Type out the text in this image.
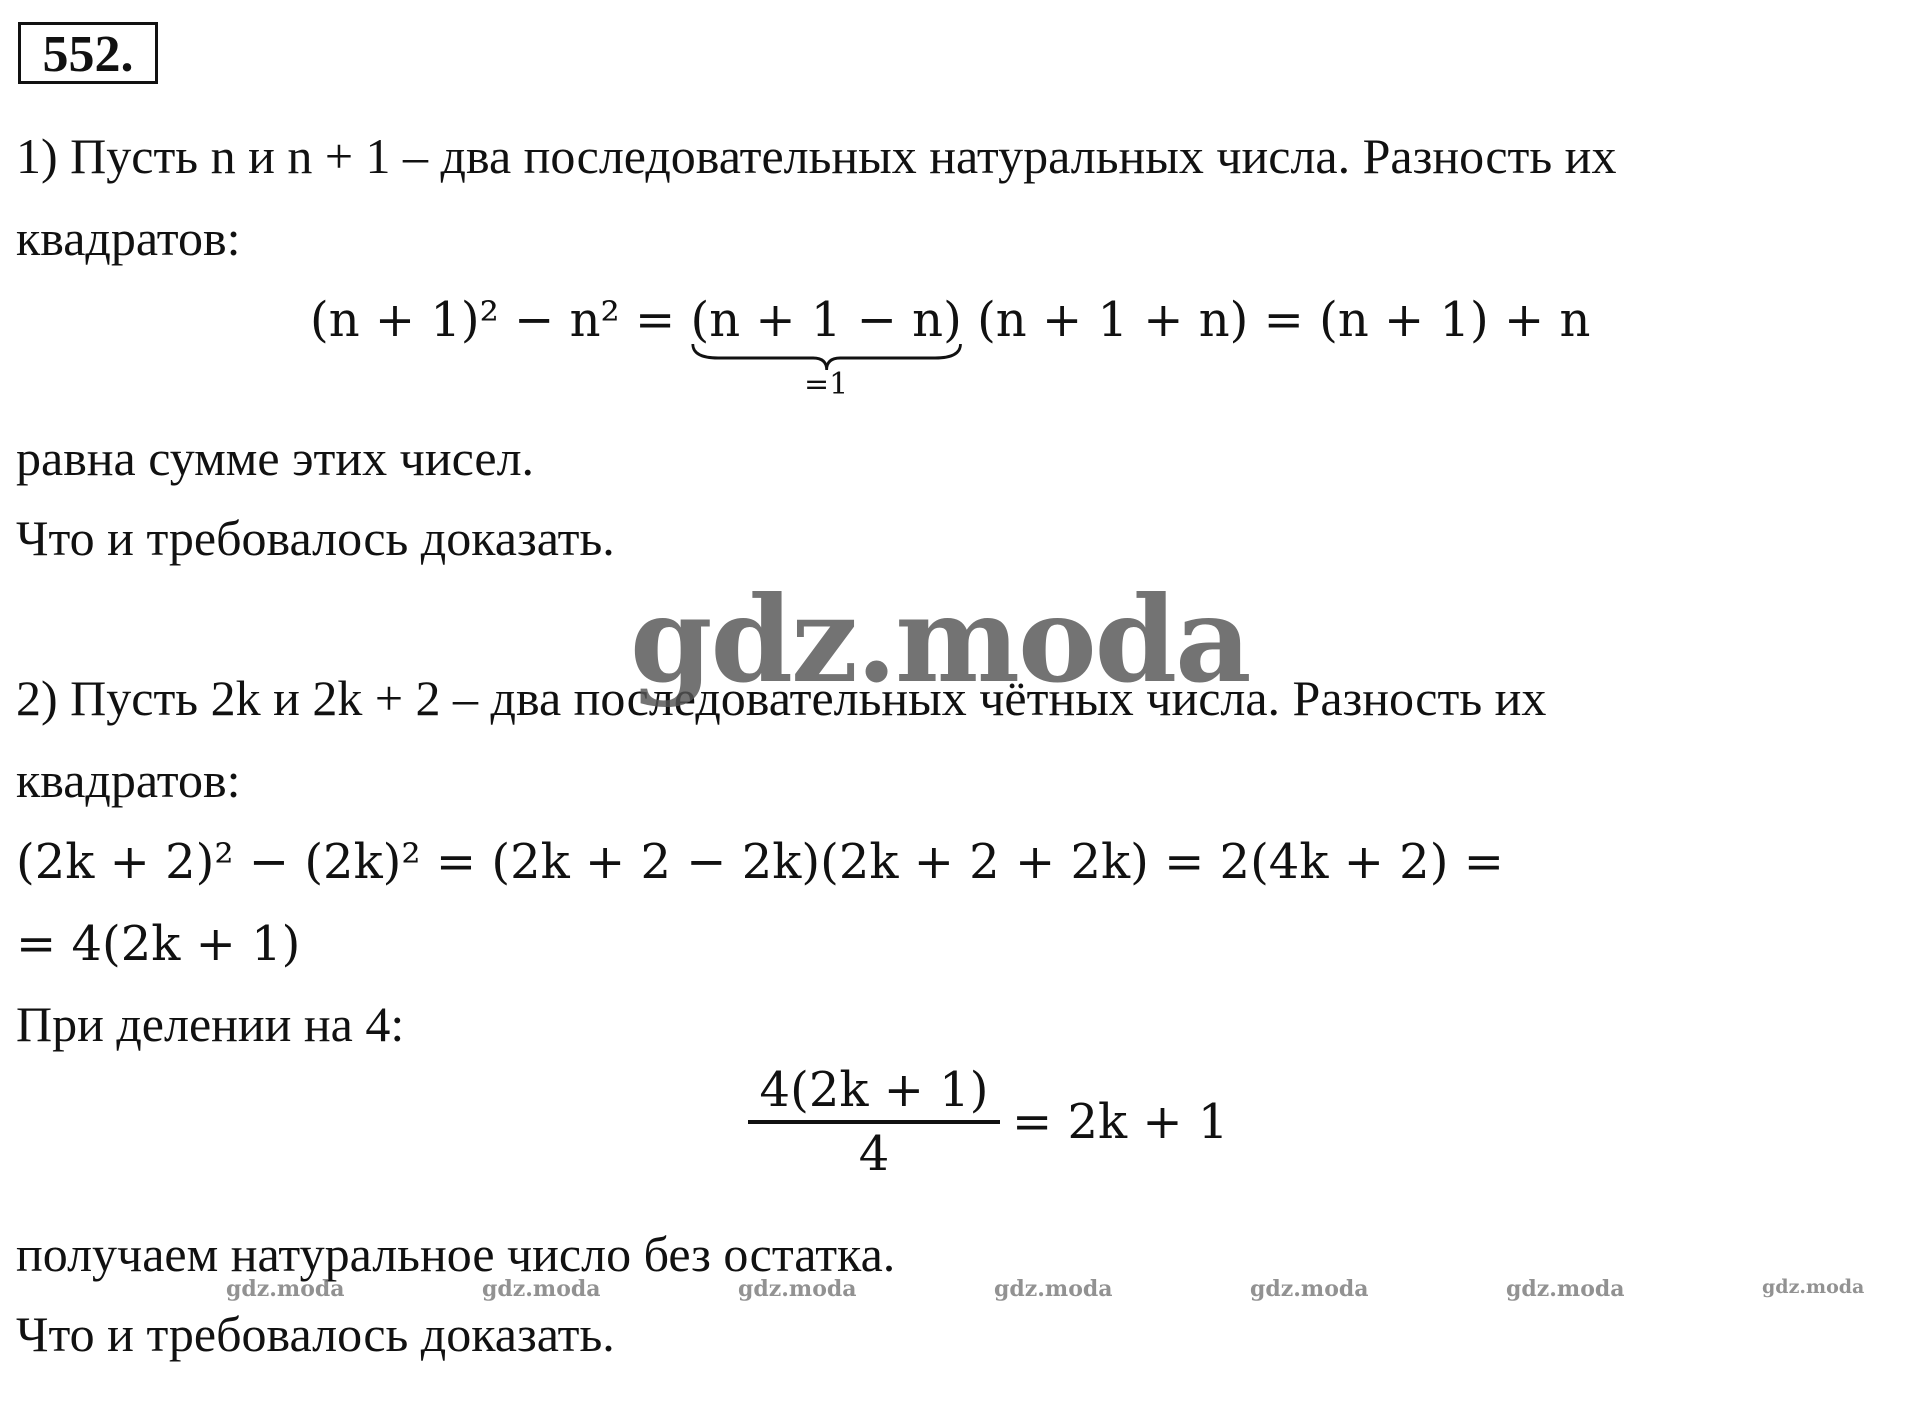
552.
1) Пусть n и n + 1 – два последовательных натуральных числа. Разность их
квадратов:
(n + 1)² − n² = (n + 1 − n)
=1
(n + 1 + n) = (n + 1) + n
равна сумме этих чисел.
Что и требовалось доказать.
2) Пусть 2k и 2k + 2 – два последовательных чётных числа. Разность их
gdz.moda
квадратов:
(2k + 2)² − (2k)² = (2k + 2 − 2k)(2k + 2 + 2k) = 2(4k + 2) =
= 4(2k + 1)
При делении на 4:
$\frac{4(2k + 1)}{4} = 2k + 1$
получаем натуральное число без остатка.
gdz.moda	gdz.moda	gdz.moda	gdz.moda	gdz.moda	gdz.moda	gdz.moda
Что и требовалось доказать.
